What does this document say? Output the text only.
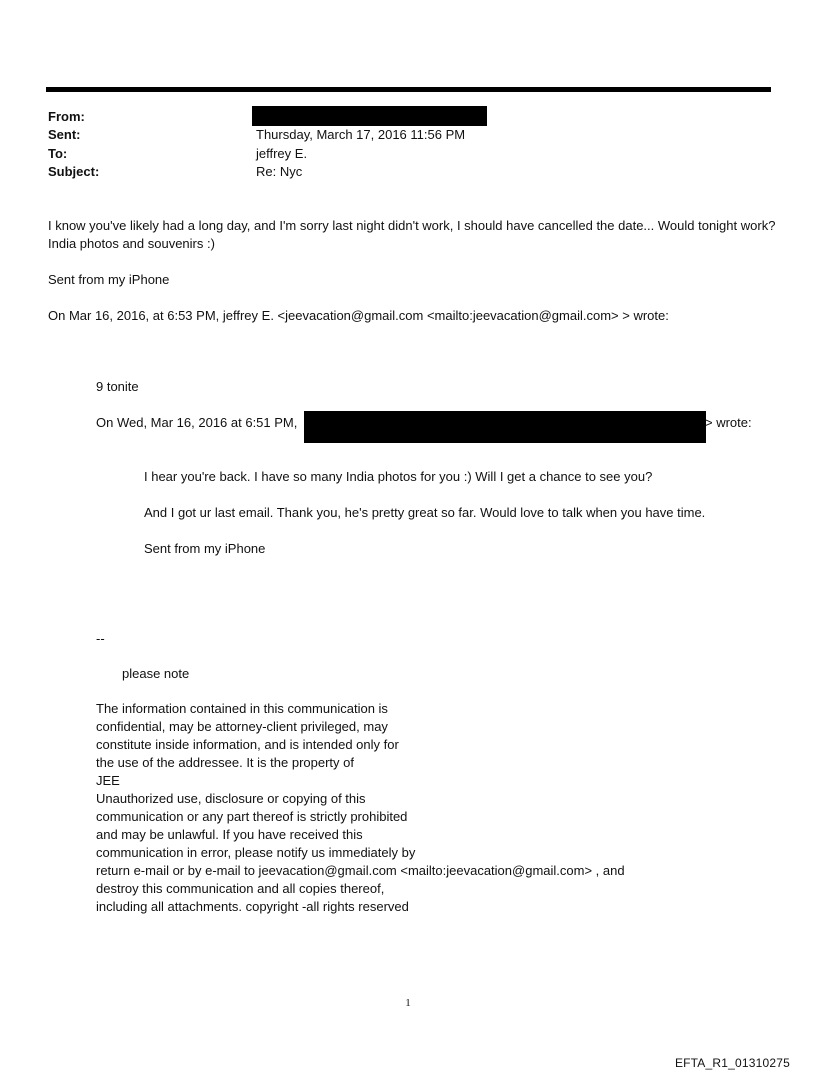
From:
Sent:	Thursday, March 17, 2016 11:56 PM
To:	jeffrey E.
Subject:	Re: Nyc
I know you've likely had a long day, and I'm sorry last night didn't work, I should have cancelled the date... Would tonight work? India photos and souvenirs :)
Sent from my iPhone
On Mar 16, 2016, at 6:53 PM, jeffrey E. <jeevacation@gmail.com <mailto:jeevacation@gmail.com> > wrote:
9 tonite
On Wed, Mar 16, 2016 at 6:51 PM,	> wrote:
I hear you're back. I have so many India photos for you :) Will I get a chance to see you?
And I got ur last email. Thank you, he's pretty great so far. Would love to talk when you have time.
Sent from my iPhone
--
please note
The information contained in this communication is
confidential, may be attorney-client privileged, may
constitute inside information, and is intended only for
the use of the addressee. It is the property of
JEE
Unauthorized use, disclosure or copying of this
communication or any part thereof is strictly prohibited
and may be unlawful. If you have received this
communication in error, please notify us immediately by
return e-mail or by e-mail to jeevacation@gmail.com <mailto:jeevacation@gmail.com> , and
destroy this communication and all copies thereof,
including all attachments. copyright -all rights reserved
1
EFTA_R1_01310275
